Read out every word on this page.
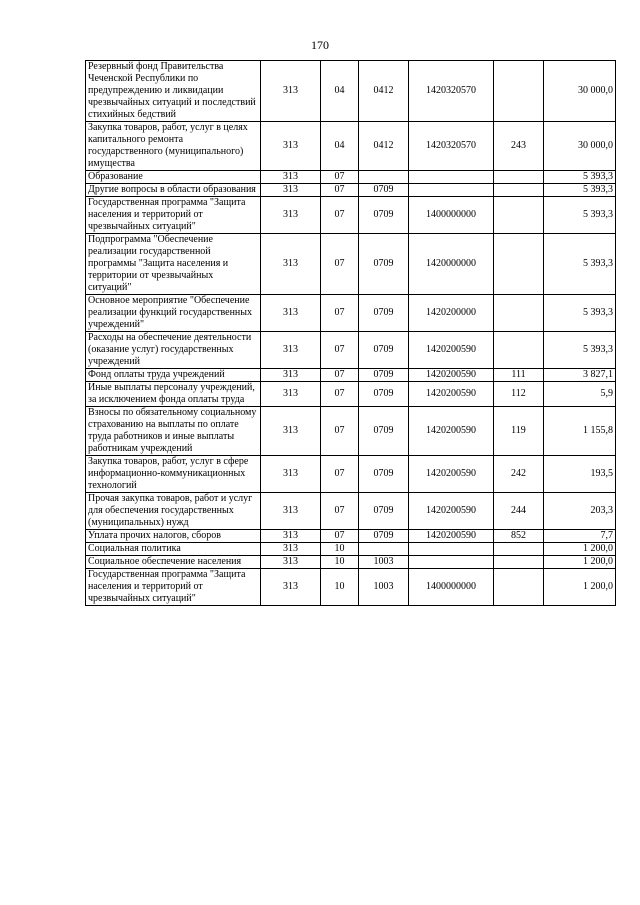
170
Резервный фонд Правительства Чеченской Республики по предупреждению и ликвидации чрезвычайных ситуаций и последствий стихийных бедствий	313	04	0412	1420320570		30 000,0
Закупка товаров, работ, услуг в целях капитального ремонта государственного (муниципального) имущества	313	04	0412	1420320570	243	30 000,0
Образование	313	07				5 393,3
Другие вопросы в области образования	313	07	0709			5 393,3
Государственная программа "Защита населения и территорий от чрезвычайных ситуаций"	313	07	0709	1400000000		5 393,3
Подпрограмма "Обеспечение реализации государственной программы "Защита населения и территории от чрезвычайных ситуаций"	313	07	0709	1420000000		5 393,3
Основное мероприятие "Обеспечение реализации функций государственных учреждений"	313	07	0709	1420200000		5 393,3
Расходы на обеспечение деятельности (оказание услуг) государственных учреждений	313	07	0709	1420200590		5 393,3
Фонд оплаты труда учреждений	313	07	0709	1420200590	111	3 827,1
Иные выплаты персоналу учреждений, за исключением фонда оплаты труда	313	07	0709	1420200590	112	5,9
Взносы по обязательному социальному страхованию на выплаты по оплате труда работников и иные выплаты работникам учреждений	313	07	0709	1420200590	119	1 155,8
Закупка товаров, работ, услуг в сфере информационно-коммуникационных технологий	313	07	0709	1420200590	242	193,5
Прочая закупка товаров, работ и услуг для обеспечения государственных (муниципальных) нужд	313	07	0709	1420200590	244	203,3
Уплата прочих налогов, сборов	313	07	0709	1420200590	852	7,7
Социальная политика	313	10				1 200,0
Социальное обеспечение населения	313	10	1003			1 200,0
Государственная программа "Защита населения и территорий от чрезвычайных ситуаций"	313	10	1003	1400000000		1 200,0
